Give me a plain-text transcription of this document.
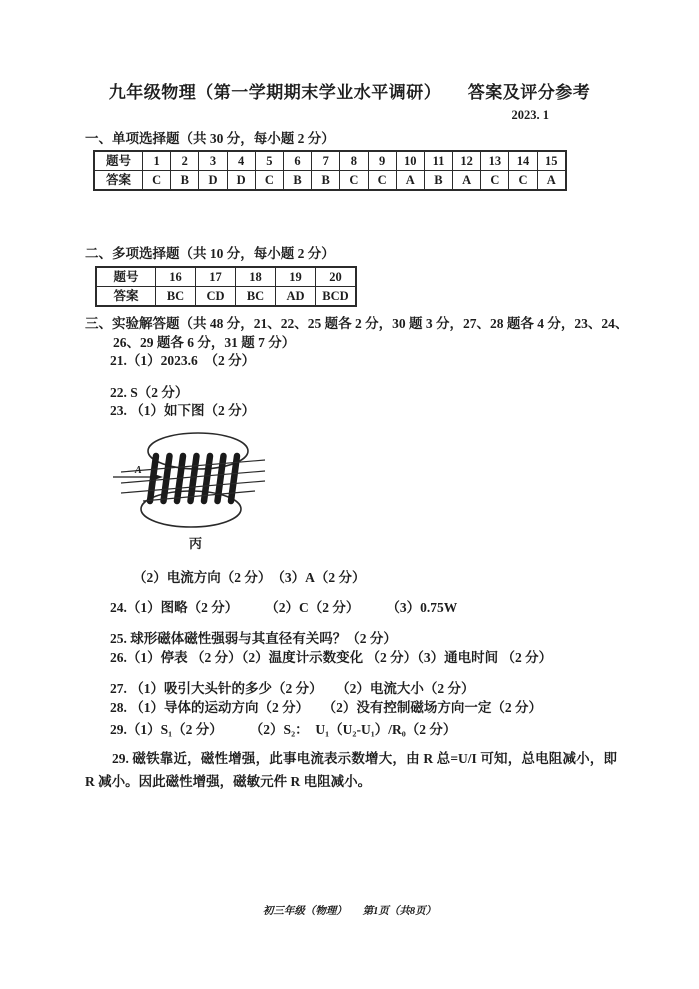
九年级物理（第一学期期末学业水平调研）　　答案及评分参考
2023. 1
一、单项选择题（共 30 分，每小题 2 分）
题号	1	2	3	4	5	6	7	8	9	10	11	12	13	14	15
答案	C	B	D	D	C	B	B	C	C	A	B	A	C	C	A
二、多项选择题（共 10 分，每小题 2 分）
题号	16	17	18	19	20
答案	BC	CD	BC	AD	BCD
三、实验解答题（共 48 分，21、22、25 题各 2 分，30 题 3 分，27、28 题各 4 分，23、24、
26、29 题各 6 分，31 题 7 分）
21.（1）2023.6　（2 分）
22. S（2 分）
23. （1）如下图（2 分）
A
丙
（2）电流方向（2 分）　（3）A（2 分）
24.（1）图略（2 分）　　　（2）C（2 分）　　　（3）0.75W
25. 球形磁体磁性强弱与其直径有关吗？（2 分）
26.（1）停表 （2 分）（2）温度计示数变化 （2 分）（3）通电时间 （2 分）
27. （1）吸引大头针的多少（2 分）　　（2）电流大小（2 分）
28. （1）导体的运动方向（2 分）　　（2）没有控制磁场方向一定（2 分）
29.（1）S₁（2 分）　　　（2）S₂：　U₁（U₂-U₁）/R₀（2 分）
29. 磁铁靠近，磁性增强，此事电流表示数增大，由 R 总=U/I 可知，总电阻减小，即 R 减小。因此磁性增强，磁敏元件 R 电阻减小。
初三年级（物理）　　第1页（共8页）
